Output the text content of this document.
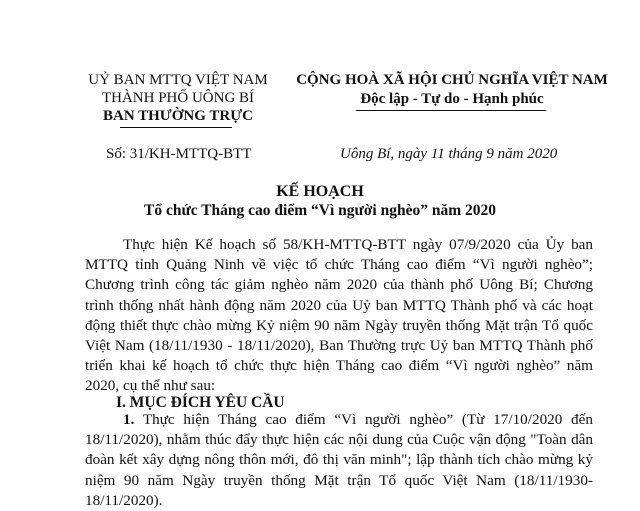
UỶ BAN MTTQ VIỆT NAM
THÀNH PHỐ UÔNG BÍ
BAN THƯỜNG TRỰC
Số: 31/KH-MTTQ-BTT
CỘNG HOÀ XÃ HỘI CHỦ NGHĨA VIỆT NAM
Độc lập - Tự do - Hạnh phúc
Uông Bí, ngày 11 tháng 9 năm 2020
KẾ HOẠCH
Tổ chức Tháng cao điểm “Vì người nghèo” năm 2020
Thực hiện Kế hoạch số 58/KH-MTTQ-BTT ngày 07/9/2020 của Ủy ban
MTTQ tỉnh Quảng Ninh về việc tổ chức Tháng cao điểm “Vì người nghèo”;
Chương trình công tác giảm nghèo năm 2020 của thành phố Uông Bí; Chương
trình thống nhất hành động năm 2020 của Uỷ ban MTTQ Thành phố và các hoạt
động thiết thực chào mừng Kỷ niệm 90 năm Ngày truyền thống Mặt trận Tổ quốc
Việt Nam (18/11/1930 - 18/11/2020), Ban Thường trực Uỷ ban MTTQ Thành phố
triển khai kế hoạch tổ chức thực hiện Tháng cao điểm “Vì người nghèo” năm
2020, cụ thể như sau:
I. MỤC ĐÍCH YÊU CẦU
1. Thực hiện Tháng cao điểm “Vì người nghèo” (Từ 17/10/2020 đến
18/11/2020), nhằm thúc đẩy thực hiện các nội dung của Cuộc vận động "Toàn dân
đoàn kết xây dựng nông thôn mới, đô thị văn minh"; lập thành tích chào mừng kỷ
niệm 90 năm Ngày truyền thống Mặt trận Tổ quốc Việt Nam (18/11/1930-
18/11/2020).
